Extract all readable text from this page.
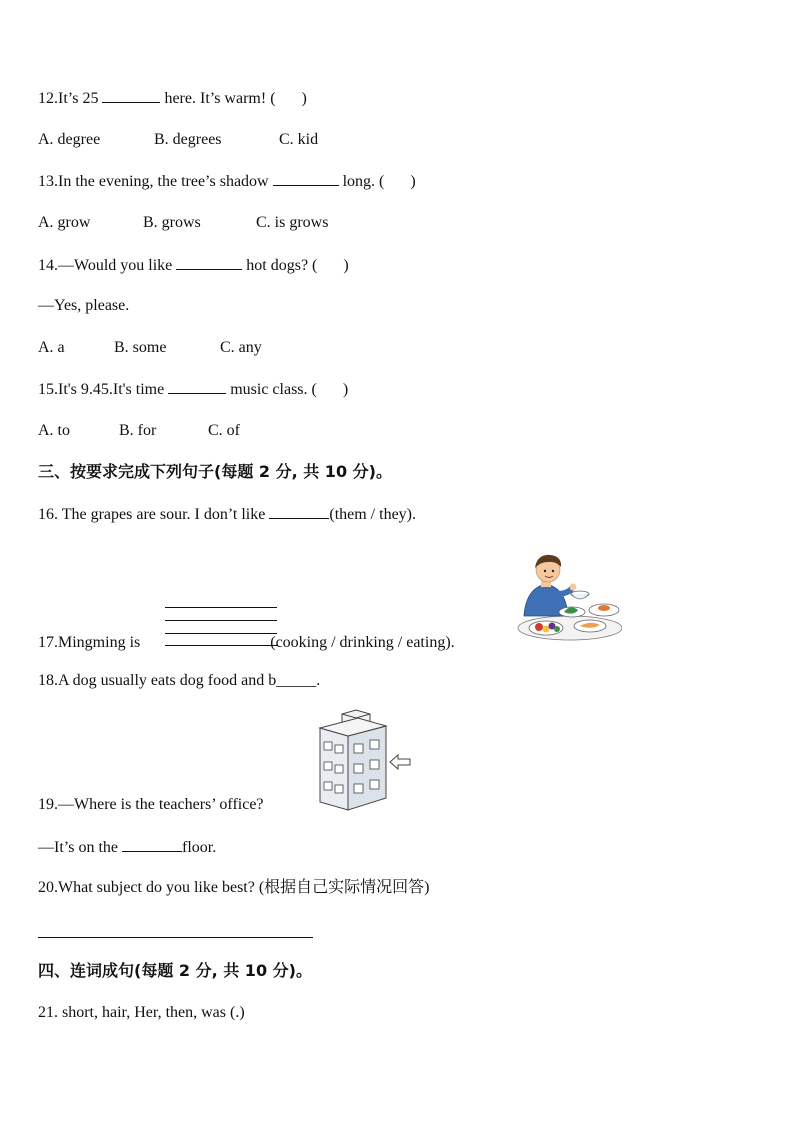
12.It’s 25	here. It’s warm! ( )
A. degree	B. degrees	C. kid
13.In the evening, the tree’s shadow	long. ( )
A. grow	B. grows	C. is grows
14.—Would you like	hot dogs? ( )
—Yes, please.
A. a	B. some	C. any
15.It's 9.45.It's time	music class. ( )
A. to	B. for	C. of
三、按要求完成下列句子(每题 2 分, 共 10 分)。
16. The grapes are sour. I don’t like	(them / they).
17.Mingming is	(cooking / drinking / eating).
18.A dog usually eats dog food and b_____.
19.—Where is the teachers’ office?
—It’s on the	floor.
20.What subject do you like best? (根据自己实际情况回答)
四、连词成句(每题 2 分, 共 10 分)。
21. short, hair, Her, then, was (.)
